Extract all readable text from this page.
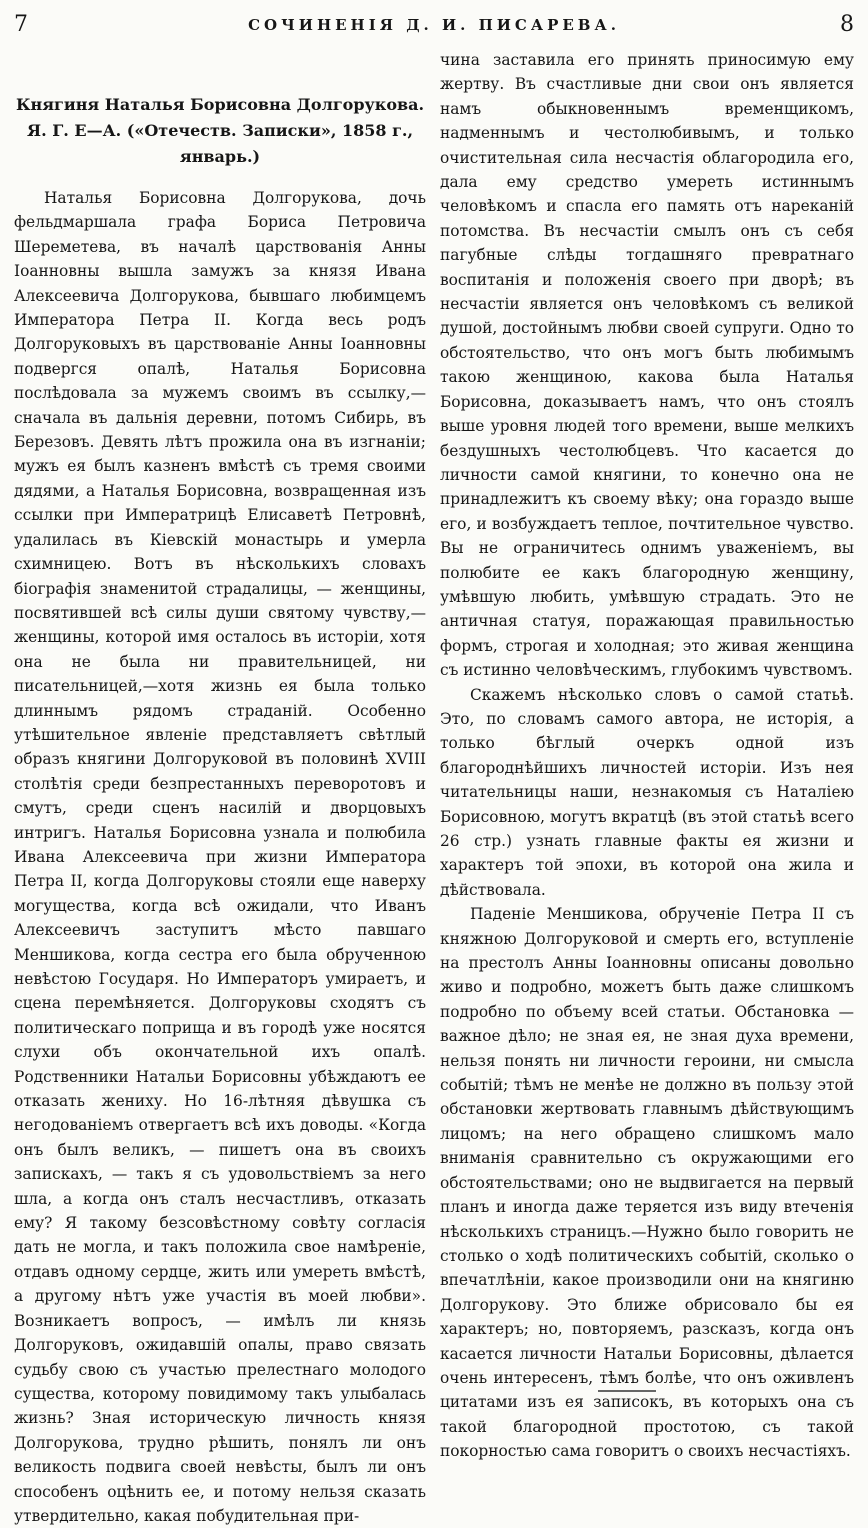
7	СОЧИНЕНІЯ Д. И. ПИСАРЕВА.	8
Княгиня Наталья Борисовна Долгорукова.
Я. Г. Е—А. («Отечеств. Записки», 1858 г., январь.)

Наталья Борисовна Долгорукова, дочь фельдмаршала графа Бориса Петровича Шереметева, въ началѣ царствованія Анны Іоанновны вышла замужъ за князя Ивана Алексеевича Долгорукова, бывшаго любимцемъ Императора Петра II. Когда весь родъ Долгоруковыхъ въ царствованіе Анны Іоанновны подвергся опалѣ, Наталья Борисовна послѣдовала за мужемъ своимъ въ ссылку,—сначала въ дальнія деревни, потомъ Сибирь, въ Березовъ. Девять лѣтъ прожила она въ изгнаніи; мужъ ея былъ казненъ вмѣстѣ съ тремя своими дядями, а Наталья Борисовна, возвращенная изъ ссылки при Императрицѣ Елисаветѣ Петровнѣ, удалилась въ Кіевскій монастырь и умерла схимницею. Вотъ въ нѣсколькихъ словахъ біографія знаменитой страдалицы, — женщины, посвятившей всѣ силы души святому чувству,—женщины, которой имя осталось въ исторіи, хотя она не была ни правительницей, ни писательницей,—хотя жизнь ея была только длиннымъ рядомъ страданій. Особенно утѣшительное явленіе представляетъ свѣтлый образъ княгини Долгоруковой въ половинѣ XVIII столѣтія среди безпрестанныхъ переворотовъ и смутъ, среди сценъ насилій и дворцовыхъ интригъ. Наталья Борисовна узнала и полюбила Ивана Алексеевича при жизни Императора Петра II, когда Долгоруковы стояли еще наверху могущества, когда всѣ ожидали, что Иванъ Алексеевичъ заступитъ мѣсто павшаго Меншикова, когда сестра его была обрученною невѣстою Государя. Но Императоръ умираетъ, и сцена перемѣняется. Долгоруковы сходятъ съ политическаго поприща и въ городѣ уже носятся слухи объ окончательной ихъ опалѣ. Родственники Натальи Борисовны убѣждаютъ ее отказать жениху. Но 16-лѣтняя дѣвушка съ негодованіемъ отвергаетъ всѣ ихъ доводы. «Когда онъ былъ великъ, — пишетъ она въ своихъ запискахъ, — такъ я съ удовольствіемъ за него шла, а когда онъ сталъ несчастливъ, отказать ему? Я такому безсовѣстному совѣту согласія дать не могла, и такъ положила свое намѣреніе, отдавъ одному сердце, жить или умереть вмѣстѣ, а другому нѣтъ уже участія въ моей любви». Возникаетъ вопросъ, — имѣлъ ли князь Долгоруковъ, ожидавшій опалы, право связать судьбу свою съ участью прелестнаго молодого существа, которому повидимому такъ улыбалась жизнь? Зная историческую личность князя Долгорукова, трудно рѣшить, понялъ ли онъ великость подвига своей невѣсты, былъ ли онъ способенъ оцѣнить ее, и потому нельзя сказать утвердительно, какая побудительная при-

чина заставила его принять приносимую ему жертву. Въ счастливые дни свои онъ является намъ обыкновеннымъ временщикомъ, надменнымъ и честолюбивымъ, и только очистительная сила несчастія облагородила его, дала ему средство умереть истиннымъ человѣкомъ и спасла его память отъ нареканій потомства. Въ несчастіи смылъ онъ съ себя пагубные слѣды тогдашняго превратнаго воспитанія и положенія своего при дворѣ; въ несчастіи является онъ человѣкомъ съ великой душой, достойнымъ любви своей супруги. Одно то обстоятельство, что онъ могъ быть любимымъ такою женщиною, какова была Наталья Борисовна, доказываетъ намъ, что онъ стоялъ выше уровня людей того времени, выше мелкихъ бездушныхъ честолюбцевъ. Что касается до личности самой княгини, то конечно она не принадлежитъ къ своему вѣку; она гораздо выше его, и возбуждаетъ теплое, почтительное чувство. Вы не ограничитесь однимъ уваженіемъ, вы полюбите ее какъ благородную женщину, умѣвшую любить, умѣвшую страдать. Это не античная статуя, поражающая правильностью формъ, строгая и холодная; это живая женщина съ истинно человѣческимъ, глубокимъ чувствомъ.

Скажемъ нѣсколько словъ о самой статьѣ. Это, по словамъ самого автора, не исторія, а только бѣглый очеркъ одной изъ благороднѣйшихъ личностей исторіи. Изъ нея читательницы наши, незнакомыя съ Наталіею Борисовною, могутъ вкратцѣ (въ этой статьѣ всего 26 стр.) узнать главные факты ея жизни и характеръ той эпохи, въ которой она жила и дѣйствовала.

Паденіе Меншикова, обрученіе Петра II съ княжною Долгоруковой и смерть его, вступленіе на престолъ Анны Іоанновны описаны довольно живо и подробно, можетъ быть даже слишкомъ подробно по объему всей статьи. Обстановка — важное дѣло; не зная ея, не зная духа времени, нельзя понять ни личности героини, ни смысла событій; тѣмъ не менѣе не должно въ пользу этой обстановки жертвовать главнымъ дѣйствующимъ лицомъ; на него обращено слишкомъ мало вниманія сравнительно съ окружающими его обстоятельствами; оно не выдвигается на первый планъ и иногда даже теряется изъ виду втеченія нѣсколькихъ страницъ.—Нужно было говорить не столько о ходѣ политическихъ событій, сколько о впечатлѣніи, какое производили они на княгиню Долгорукову. Это ближе обрисовало бы ея характеръ; но, повторяемъ, разсказъ, когда онъ касается личности Натальи Борисовны, дѣлается очень интересенъ, тѣмъ болѣе, что онъ оживленъ цитатами изъ ея записокъ, въ которыхъ она съ такой благородной простотою, съ такой покорностью сама говоритъ о своихъ несчастіяхъ.
